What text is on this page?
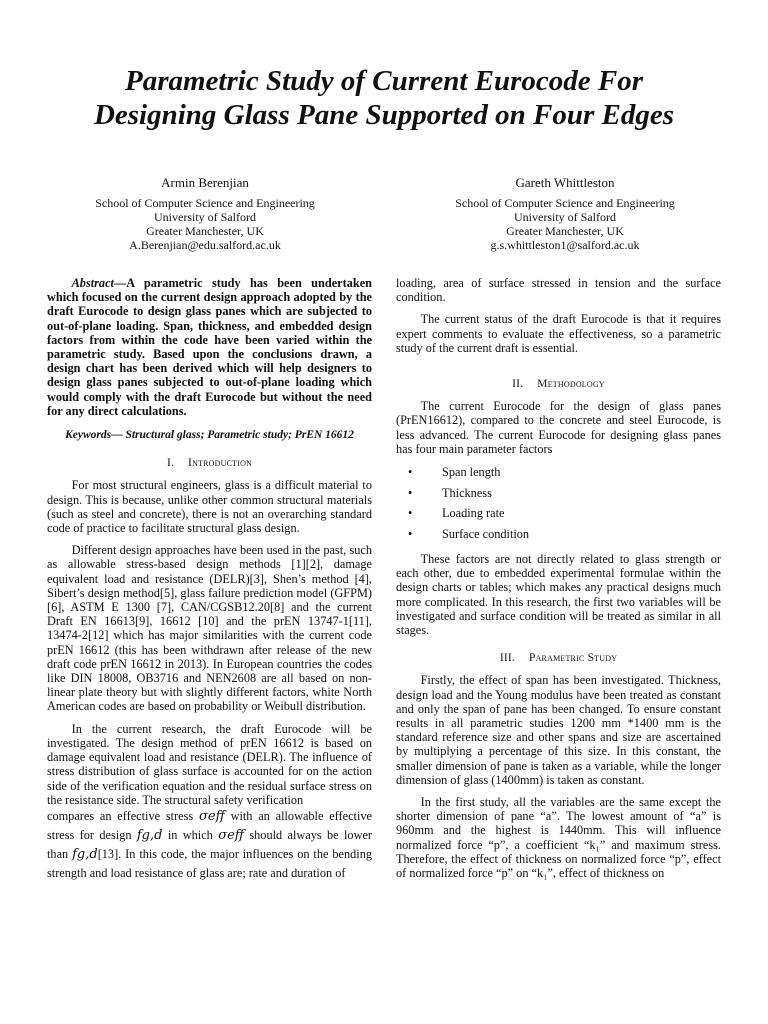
Parametric Study of Current Eurocode For
Designing Glass Pane Supported on Four Edges
Armin Berenjian
School of Computer Science and Engineering
University of Salford
Greater Manchester, UK
A.Berenjian@edu.salford.ac.uk
Gareth Whittleston
School of Computer Science and Engineering
University of Salford
Greater Manchester, UK
g.s.whittleston1@salford.ac.uk

Abstract—A parametric study has been undertaken which focused on the current design approach adopted by the draft Eurocode to design glass panes which are subjected to out-of-plane loading. Span, thickness, and embedded design factors from within the code have been varied within the parametric study. Based upon the conclusions drawn, a design chart has been derived which will help designers to design glass panes subjected to out-of-plane loading which would comply with the draft Eurocode but without the need for any direct calculations.

Keywords— Structural glass; Parametric study; PrEN 16612
I. Introduction

For most structural engineers, glass is a difficult material to design. This is because, unlike other common structural materials (such as steel and concrete), there is not an overarching standard code of practice to facilitate structural glass design.

Different design approaches have been used in the past, such as allowable stress-based design methods [1][2], damage equivalent load and resistance (DELR)[3], Shen’s method [4], Sibert’s design method[5], glass failure prediction model (GFPM)[6], ASTM E 1300 [7], CAN/CGSB12.20[8] and the current Draft EN 16613[9], 16612 [10] and the prEN 13747-1[11], 13474-2[12] which has major similarities with the current code prEN 16612 (this has been withdrawn after release of the new draft code prEN 16612 in 2013). In European countries the codes like DIN 18008, OB3716 and NEN2608 are all based on non-linear plate theory but with slightly different factors, white North American codes are based on probability or Weibull distribution.

In the current research, the draft Eurocode will be investigated. The design method of prEN 16612 is based on damage equivalent load and resistance (DELR). The influence of stress distribution of glass surface is accounted for on the action side of the verification equation and the residual surface stress on the resistance side. The structural safety verification

compares an effective stress σeff with an allowable effective stress for design fg,d in which σeff should always be lower than fg,d[13]. In this code, the major influences on the bending strength and load resistance of glass are; rate and duration of

loading, area of surface stressed in tension and the surface condition.

The current status of the draft Eurocode is that it requires expert comments to evaluate the effectiveness, so a parametric study of the current draft is essential.

II. Methodology

The current Eurocode for the design of glass panes (PrEN16612), compared to the concrete and steel Eurocode, is less advanced. The current Eurocode for designing glass panes has four main parameter factors

•	Span length
•	Thickness
•	Loading rate
•	Surface condition

These factors are not directly related to glass strength or each other, due to embedded experimental formulae within the design charts or tables; which makes any practical designs much more complicated. In this research, the first two variables will be investigated and surface condition will be treated as similar in all stages.

III. Parametric Study

Firstly, the effect of span has been investigated. Thickness, design load and the Young modulus have been treated as constant and only the span of pane has been changed. To ensure constant results in all parametric studies 1200 mm *1400 mm is the standard reference size and other spans and size are ascertained by multiplying a percentage of this size. In this constant, the smaller dimension of pane is taken as a variable, while the longer dimension of glass (1400mm) is taken as constant.

In the first study, all the variables are the same except the shorter dimension of pane “a”. The lowest amount of “a” is 960mm and the highest is 1440mm. This will influence normalized force “p”, a coefficient “k₁” and maximum stress. Therefore, the effect of thickness on normalized force “p”, effect of normalized force “p” on “k₁”, effect of thickness on
